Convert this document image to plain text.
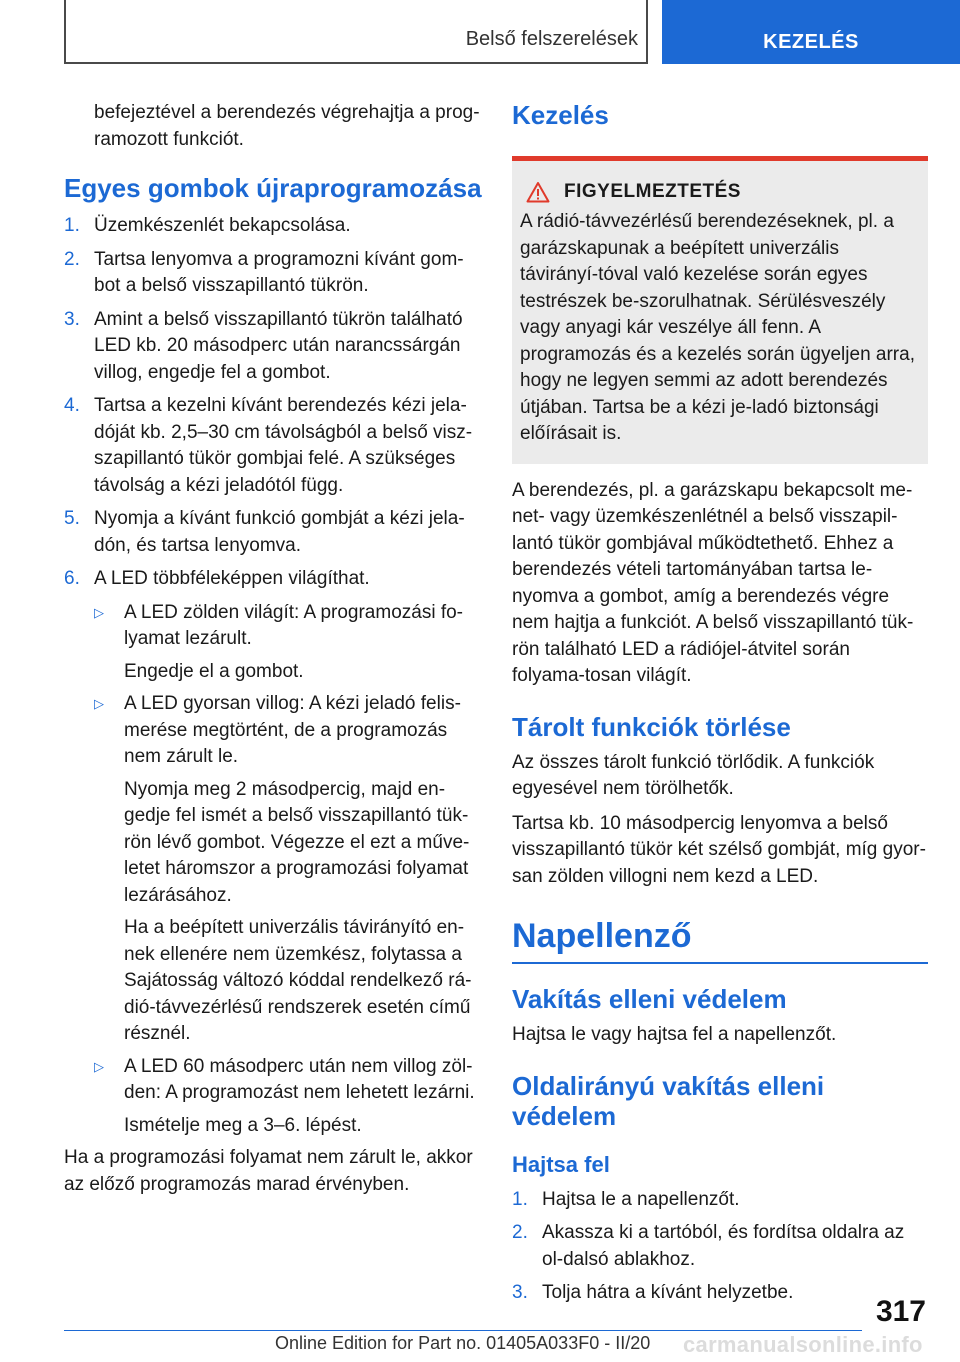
Belső felszerelések	KEZELÉS

befejeztével a berendezés végrehajtja a prog-ramozott funkciót.

Egyes gombok újraprogramozása
1. Üzemkészenlét bekapcsolása.
2. Tartsa lenyomva a programozni kívánt gom-bot a belső visszapillantó tükrön.
3. Amint a belső visszapillantó tükrön található LED kb. 20 másodperc után narancssárgán villog, engedje fel a gombot.
4. Tartsa a kezelni kívánt berendezés kézi jela-dóját kb. 2,5–30 cm távolságból a belső visz-szapillantó tükör gombjai felé. A szükséges távolság a kézi jeladótól függ.
5. Nyomja a kívánt funkció gombját a kézi jela-dón, és tartsa lenyomva.
6. A LED többféleképpen világíthat.
▷ A LED zölden világít: A programozási fo-lyamat lezárult.
Engedje el a gombot.
▷ A LED gyorsan villog: A kézi jeladó felis-merése megtörtént, de a programozás nem zárult le.
Nyomja meg 2 másodpercig, majd en-gedje fel ismét a belső visszapillantó tük-rön lévő gombot. Végezze el ezt a műve-letet háromszor a programozási folyamat lezárásához.
Ha a beépített univerzális távirányító en-nek ellenére nem üzemkész, folytassa a Sajátosság változó kóddal rendelkező rá-dió-távvezérlésű rendszerek esetén című résznél.
▷ A LED 60 másodperc után nem villog zöl-den: A programozást nem lehetett lezárni.
Ismételje meg a 3–6. lépést.

Ha a programozási folyamat nem zárult le, akkor az előző programozás marad érvényben.

Kezelés
FIGYELMEZTETÉS

A rádió-távvezérlésű berendezéseknek, pl. a garázskapunak a beépített univerzális távirányí-tóval való kezelése során egyes testrészek be-szorulhatnak. Sérülésveszély vagy anyagi kár veszélye áll fenn. A programozás és a kezelés során ügyeljen arra, hogy ne legyen semmi az adott berendezés útjában. Tartsa be a kézi je-ladó biztonsági előírásait is.

A berendezés, pl. a garázskapu bekapcsolt me-net- vagy üzemkészenlétnél a belső visszapil-lantó tükör gombjával működtethető. Ehhez a berendezés vételi tartományában tartsa le-nyomva a gombot, amíg a berendezés végre nem hajtja a funkciót. A belső visszapillantó tük-rön található LED a rádiójel-átvitel során folyama-tosan világít.

Tárolt funkciók törlése

Az összes tárolt funkció törlődik. A funkciók egyesével nem törölhetők.

Tartsa kb. 10 másodpercig lenyomva a belső visszapillantó tükör két szélső gombját, míg gyor-san zölden villogni nem kezd a LED.

Napellenző
Vakítás elleni védelem

Hajtsa le vagy hajtsa fel a napellenzőt.

Oldalirányú vakítás elleni védelem
Hajtsa fel
1. Hajtsa le a napellenzőt.
2. Akassza ki a tartóból, és fordítsa oldalra az ol-dalsó ablakhoz.
3. Tolja hátra a kívánt helyzetbe.
317
Online Edition for Part no. 01405A033F0 - II/20 carmanualsonline.info
